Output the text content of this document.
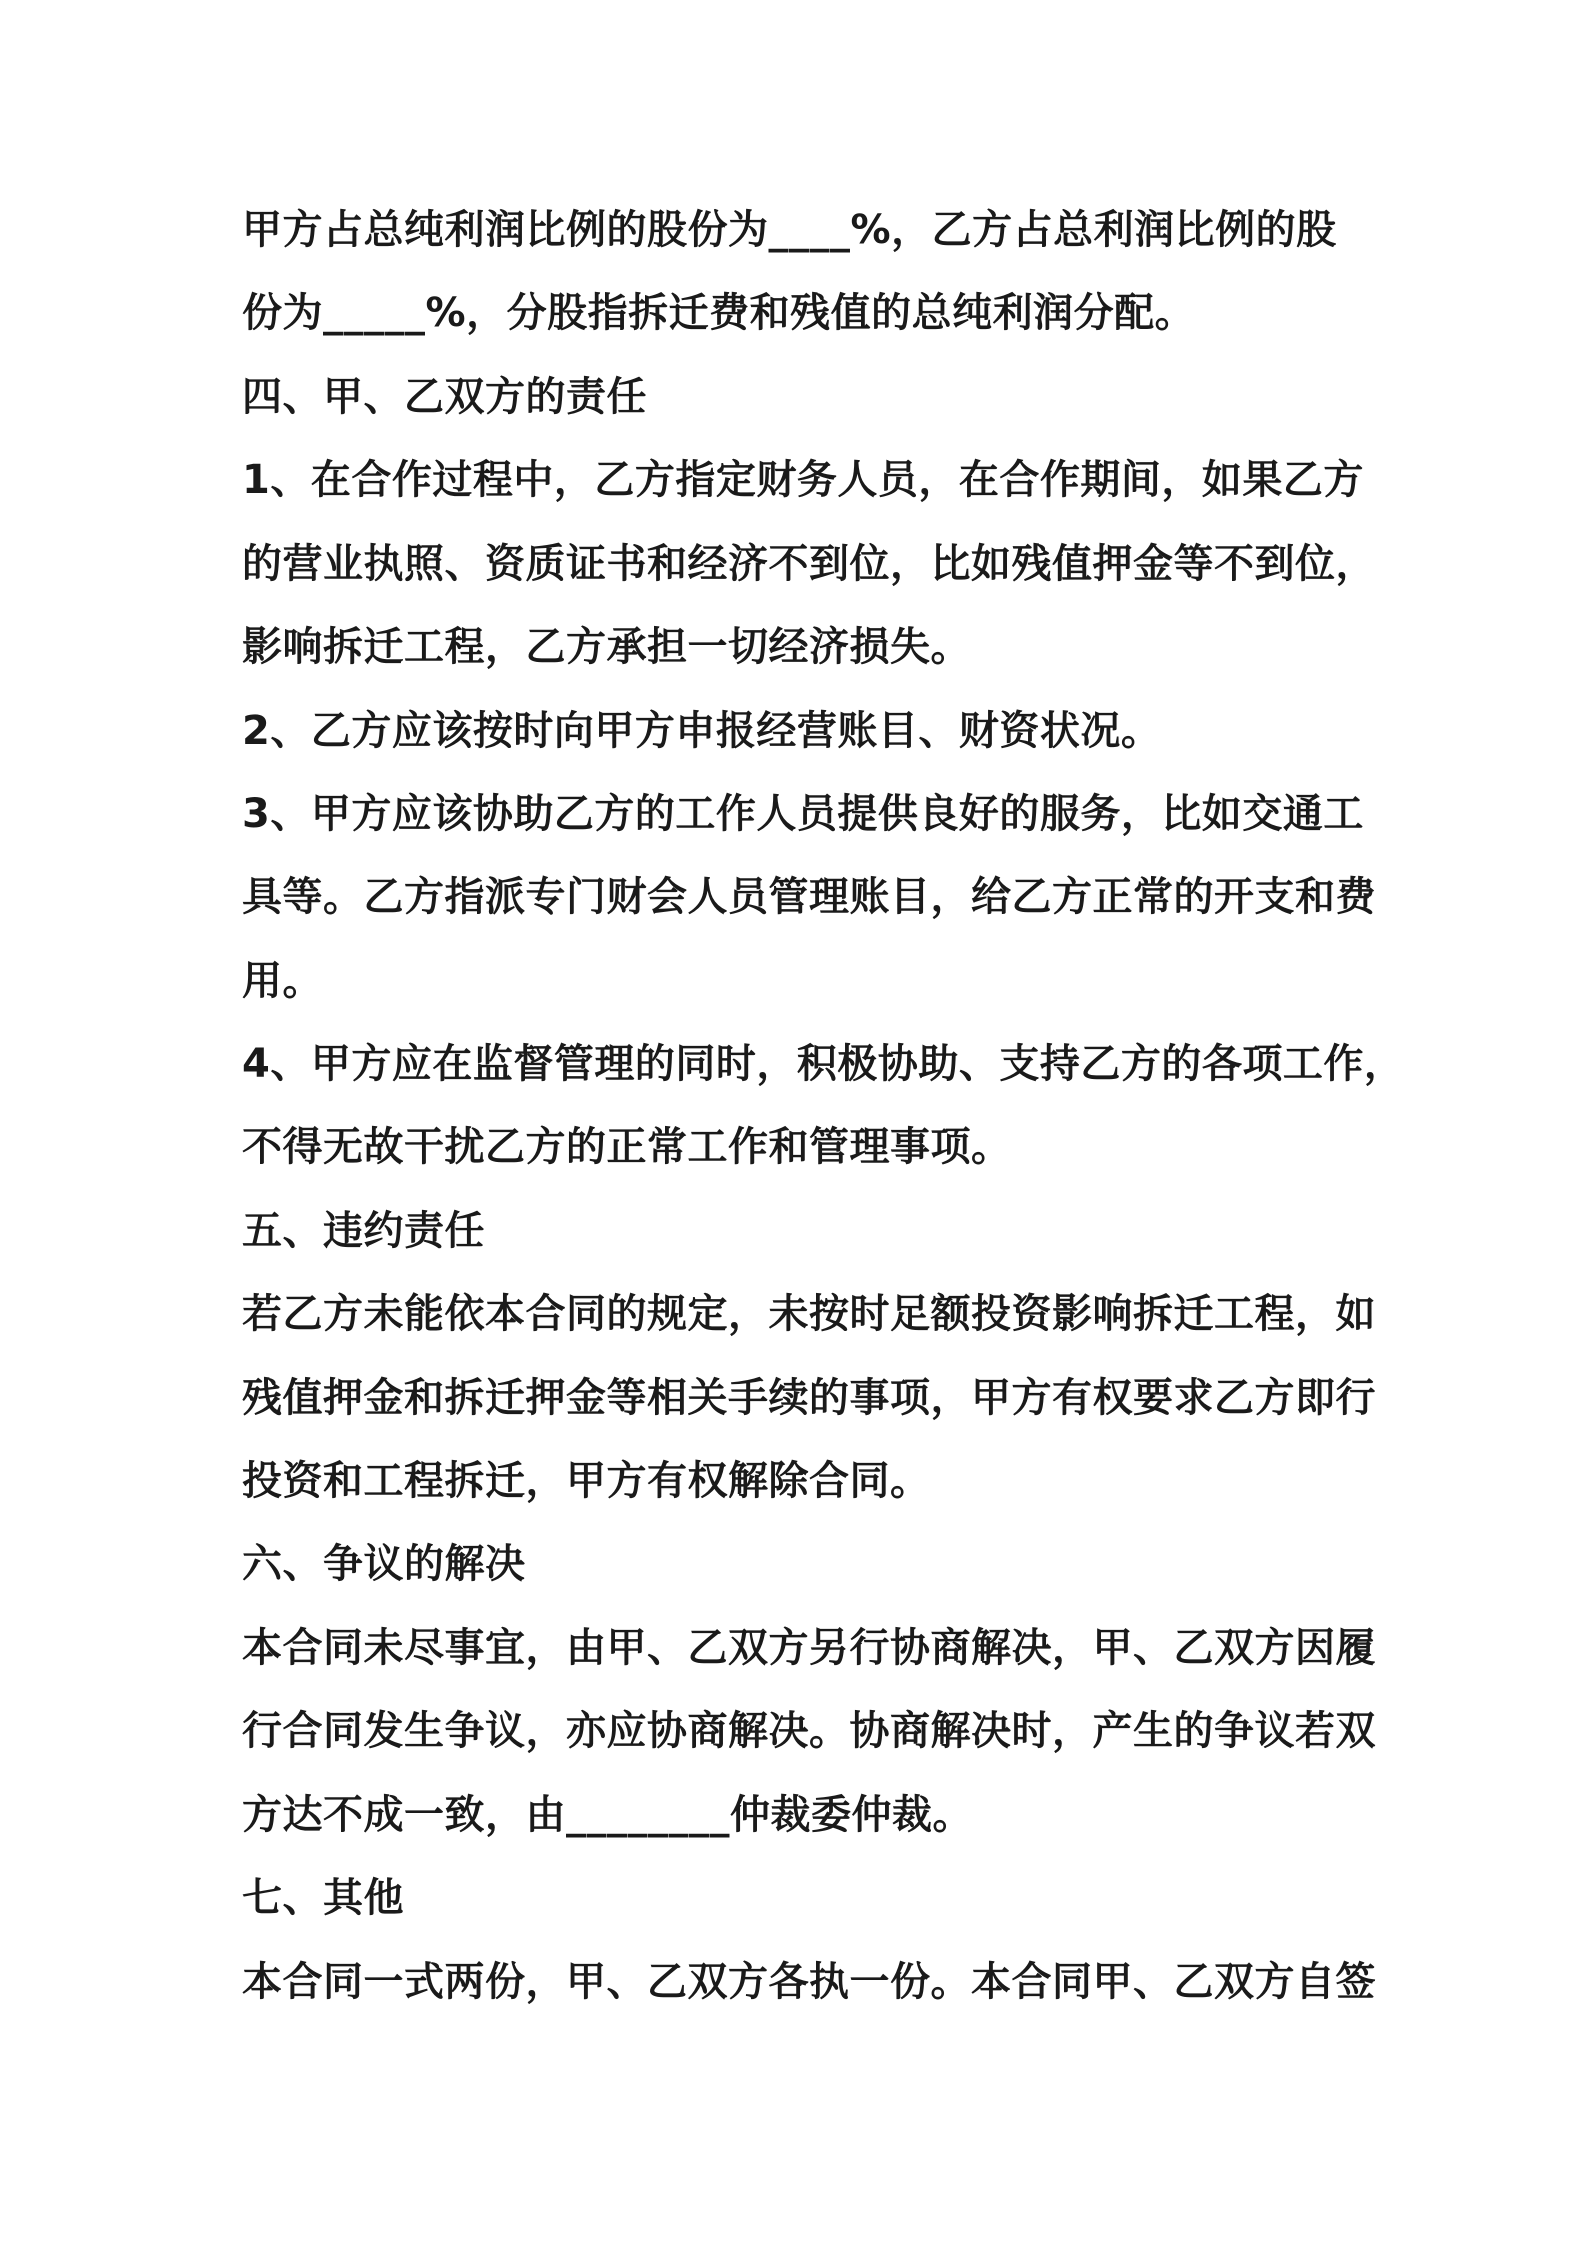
甲方占总纯利润比例的股份为____%，乙方占总利润比例的股
份为_____%，分股指拆迁费和残值的总纯利润分配。
四、甲、乙双方的责任
1、在合作过程中，乙方指定财务人员，在合作期间，如果乙方
的营业执照、资质证书和经济不到位，比如残值押金等不到位，
影响拆迁工程，乙方承担一切经济损失。
2、乙方应该按时向甲方申报经营账目、财资状况。
3、甲方应该协助乙方的工作人员提供良好的服务，比如交通工
具等。乙方指派专门财会人员管理账目，给乙方正常的开支和费
用。
4、甲方应在监督管理的同时，积极协助、支持乙方的各项工作，
不得无故干扰乙方的正常工作和管理事项。
五、违约责任
若乙方未能依本合同的规定，未按时足额投资影响拆迁工程，如
残值押金和拆迁押金等相关手续的事项，甲方有权要求乙方即行
投资和工程拆迁，甲方有权解除合同。
六、争议的解决
本合同未尽事宜，由甲、乙双方另行协商解决，甲、乙双方因履
行合同发生争议，亦应协商解决。协商解决时，产生的争议若双
方达不成一致，由________仲裁委仲裁。
七、其他
本合同一式两份，甲、乙双方各执一份。本合同甲、乙双方自签
